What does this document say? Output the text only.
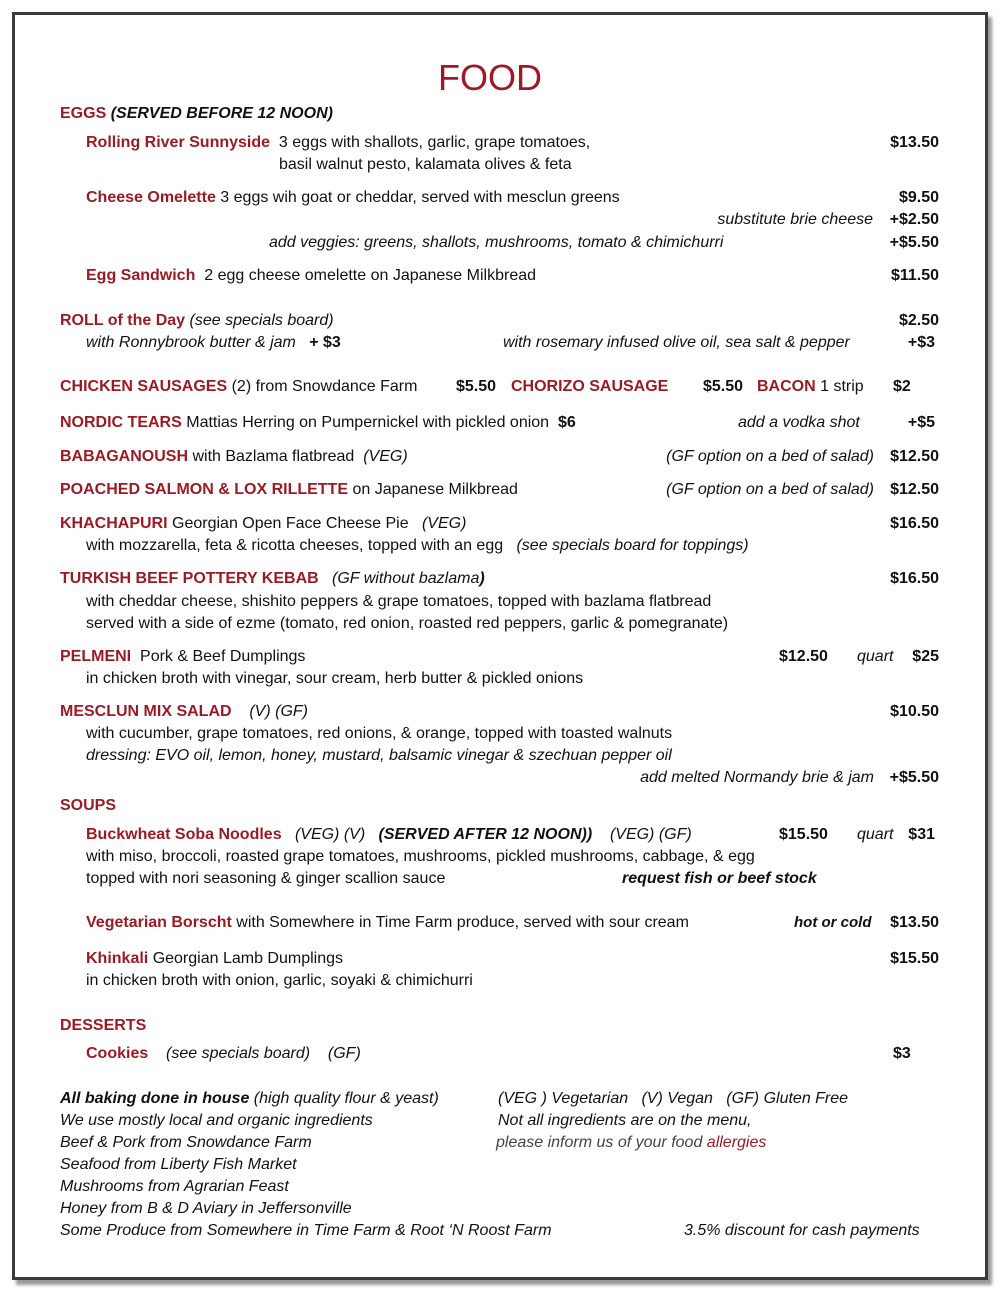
FOOD
EGGS (SERVED BEFORE 12 NOON)
Rolling River Sunnyside 3 eggs with shallots, garlic, grape tomatoes,
basil walnut pesto, kalamata olives & feta
$13.50
Cheese Omelette 3 eggs wih goat or cheddar, served with mesclun greens	$9.50
substitute brie cheese +$2.50
add veggies: greens, shallots, mushrooms, tomato & chimichurri	+$5.50
Egg Sandwich 2 egg cheese omelette on Japanese Milkbread	$11.50
ROLL of the Day (see specials board)	$2.50
with Ronnybrook butter & jam + $3	with rosemary infused olive oil, sea salt & pepper	+$3
CHICKEN SAUSAGES (2) from Snowdance Farm $5.50 CHORIZO SAUSAGE $5.50 BACON 1 strip $2
NORDIC TEARS Mattias Herring on Pumpernickel with pickled onion $6	add a vodka shot	+$5
BABAGANOUSH with Bazlama flatbread (VEG)	(GF option on a bed of salad) $12.50
POACHED SALMON & LOX RILLETTE on Japanese Milkbread	(GF option on a bed of salad) $12.50
KHACHAPURI Georgian Open Face Cheese Pie (VEG)	$16.50
with mozzarella, feta & ricotta cheeses, topped with an egg (see specials board for toppings)
TURKISH BEEF POTTERY KEBAB (GF without bazlama)	$16.50
with cheddar cheese, shishito peppers & grape tomatoes, topped with bazlama flatbread
served with a side of ezme (tomato, red onion, roasted red peppers, garlic & pomegranate)
PELMENI Pork & Beef Dumplings	$12.50 quart $25
in chicken broth with vinegar, sour cream, herb butter & pickled onions
MESCLUN MIX SALAD (V) (GF)	$10.50
with cucumber, grape tomatoes, red onions, & orange, topped with toasted walnuts
dressing: EVO oil, lemon, honey, mustard, balsamic vinegar & szechuan pepper oil
add melted Normandy brie & jam +$5.50
SOUPS
Buckwheat Soba Noodles (VEG) (V) (SERVED AFTER 12 NOON)) (VEG) (GF)	$15.50 quart $31
with miso, broccoli, roasted grape tomatoes, mushrooms, pickled mushrooms, cabbage, & egg
topped with nori seasoning & ginger scallion sauce	request fish or beef stock
Vegetarian Borscht with Somewhere in Time Farm produce, served with sour cream	hot or cold $13.50
Khinkali Georgian Lamb Dumplings	$15.50
in chicken broth with onion, garlic, soyaki & chimichurri
DESSERTS
Cookies (see specials board) (GF)	$3
All baking done in house (high quality flour & yeast)
We use mostly local and organic ingredients
Beef & Pork from Snowdance Farm
Seafood from Liberty Fish Market
Mushrooms from Agrarian Feast
Honey from B & D Aviary in Jeffersonville
Some Produce from Somewhere in Time Farm & Root ‘N Roost Farm
(VEG ) Vegetarian   (V) Vegan   (GF) Gluten Free
Not all ingredients are on the menu,
please inform us of your food allergies
3.5% discount for cash payments
